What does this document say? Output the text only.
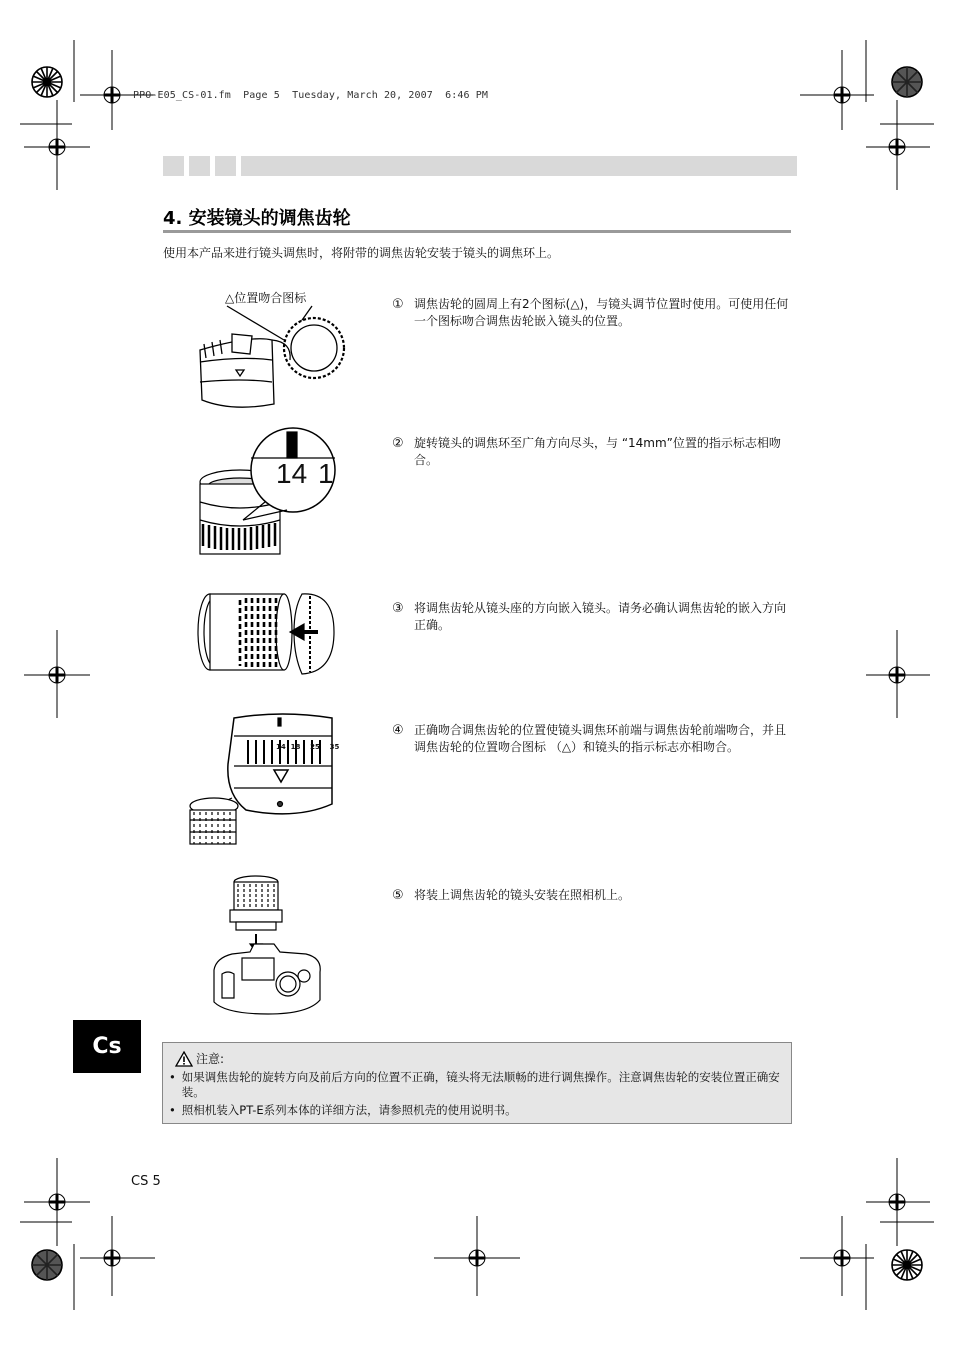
PPO-E05_CS-01.fm  Page 5  Tuesday, March 20, 2007  6:46 PM
4. 安装镜头的调焦齿轮
使用本产品来进行镜头调焦时，将附带的调焦齿轮安装于镜头的调焦环上。
△位置吻合图标	① 调焦齿轮的圆周上有2个图标(△)，与镜头调节位置时使用。可使用任何一个图标吻合调焦齿轮嵌入镜头的位置。
14 1
② 旋转镜头的调焦环至广角方向尽头，与 “14mm”位置的指示标志相吻合。
③ 将调焦齿轮从镜头座的方向嵌入镜头。请务必确认调焦齿轮的嵌入方向正确。
14  18    25    35
④ 正确吻合调焦齿轮的位置使镜头调焦环前端与调焦齿轮前端吻合，并且调焦齿轮的位置吻合图标 （△）和镜头的指示标志亦相吻合。
⑤ 将装上调焦齿轮的镜头安装在照相机上。
Cs	注意:
• 如果调焦齿轮的旋转方向及前后方向的位置不正确，镜头将无法顺畅的进行调焦操作。注意调焦齿轮的安装位置正确安装。
• 照相机装入PT-E系列本体的详细方法，请参照机壳的使用说明书。
CS 5
